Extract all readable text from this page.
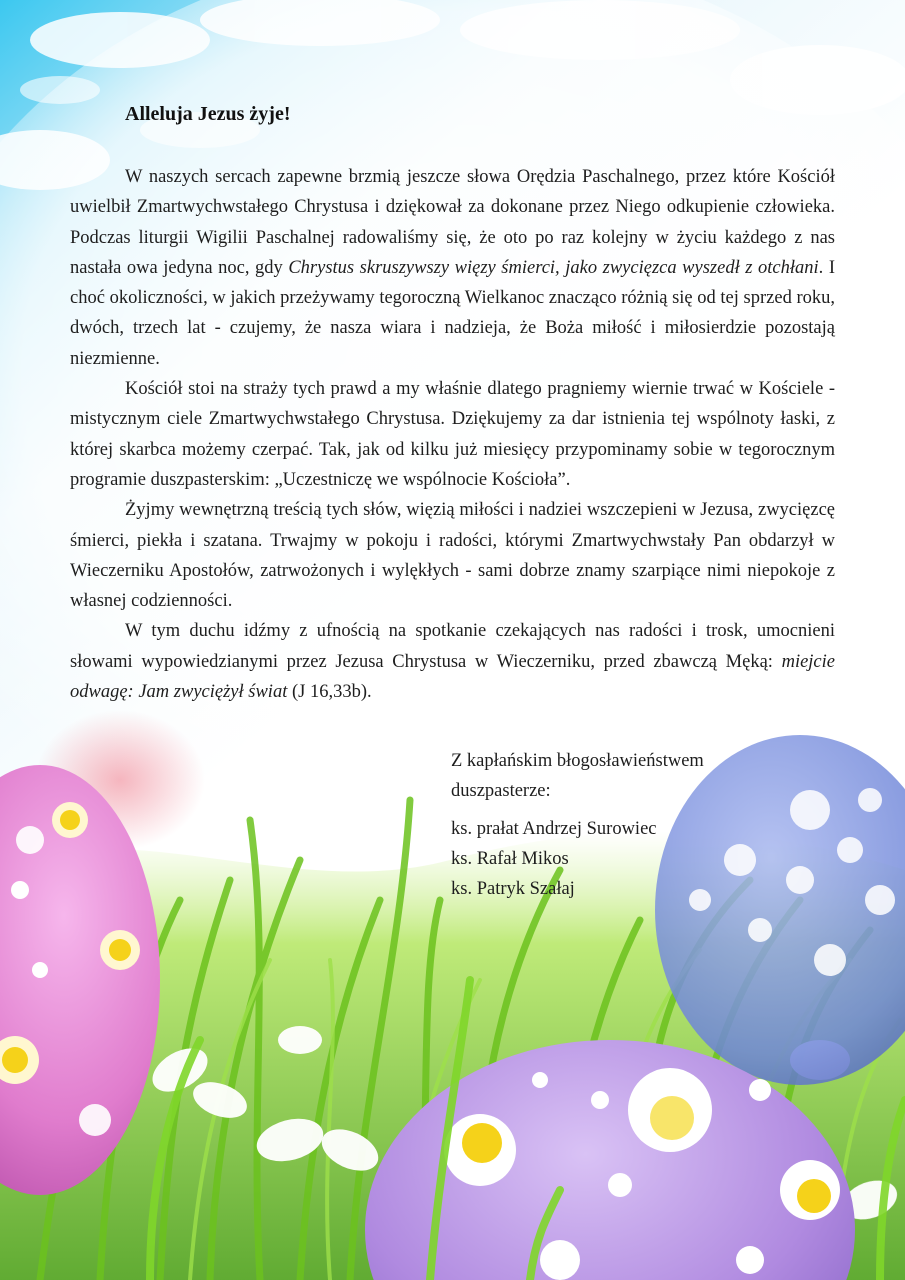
Alleluja Jezus żyje!

W naszych sercach zapewne brzmią jeszcze słowa Orędzia Paschalnego, przez które Kościół uwielbił Zmartwychwstałego Chrystusa i dziękował za dokonane przez Niego odkupienie człowieka. Podczas liturgii Wigilii Paschalnej radowaliśmy się, że oto po raz kolejny w życiu każdego z nas nastała owa jedyna noc, gdy Chrystus skruszywszy więzy śmierci, jako zwycięzca wyszedł z otchłani. I choć okoliczności, w jakich przeżywamy tegoroczną Wielkanoc znacząco różnią się od tej sprzed roku, dwóch, trzech lat - czujemy, że nasza wiara i nadzieja, że Boża miłość i miłosierdzie pozostają niezmienne.

Kościół stoi na straży tych prawd a my właśnie dlatego pragniemy wiernie trwać w Kościele - mistycznym ciele Zmartwychwstałego Chrystusa. Dziękujemy za dar istnienia tej wspólnoty łaski, z której skarbca możemy czerpać. Tak, jak od kilku już miesięcy przypominamy sobie w tegorocznym programie duszpasterskim: „Uczestniczę we wspólnocie Kościoła”.

Żyjmy wewnętrzną treścią tych słów, więzią miłości i nadziei wszczepieni w Jezusa, zwycięzcę śmierci, piekła i szatana. Trwajmy w pokoju i radości, którymi Zmartwychwstały Pan obdarzył w Wieczerniku Apostołów, zatrwożonych i wylękłych - sami dobrze znamy szarpiące nimi niepokoje z własnej codzienności.

W tym duchu idźmy z ufnością na spotkanie czekających nas radości i trosk, umocnieni słowami wypowiedzianymi przez Jezusa Chrystusa w Wieczerniku, przed zbawczą Męką: miejcie odwagę: Jam zwyciężył świat (J 16,33b).

Z kapłańskim błogosławieństwem

duszpasterze:

ks. prałat Andrzej Surowiec

ks. Rafał Mikos

ks. Patryk Szałaj
